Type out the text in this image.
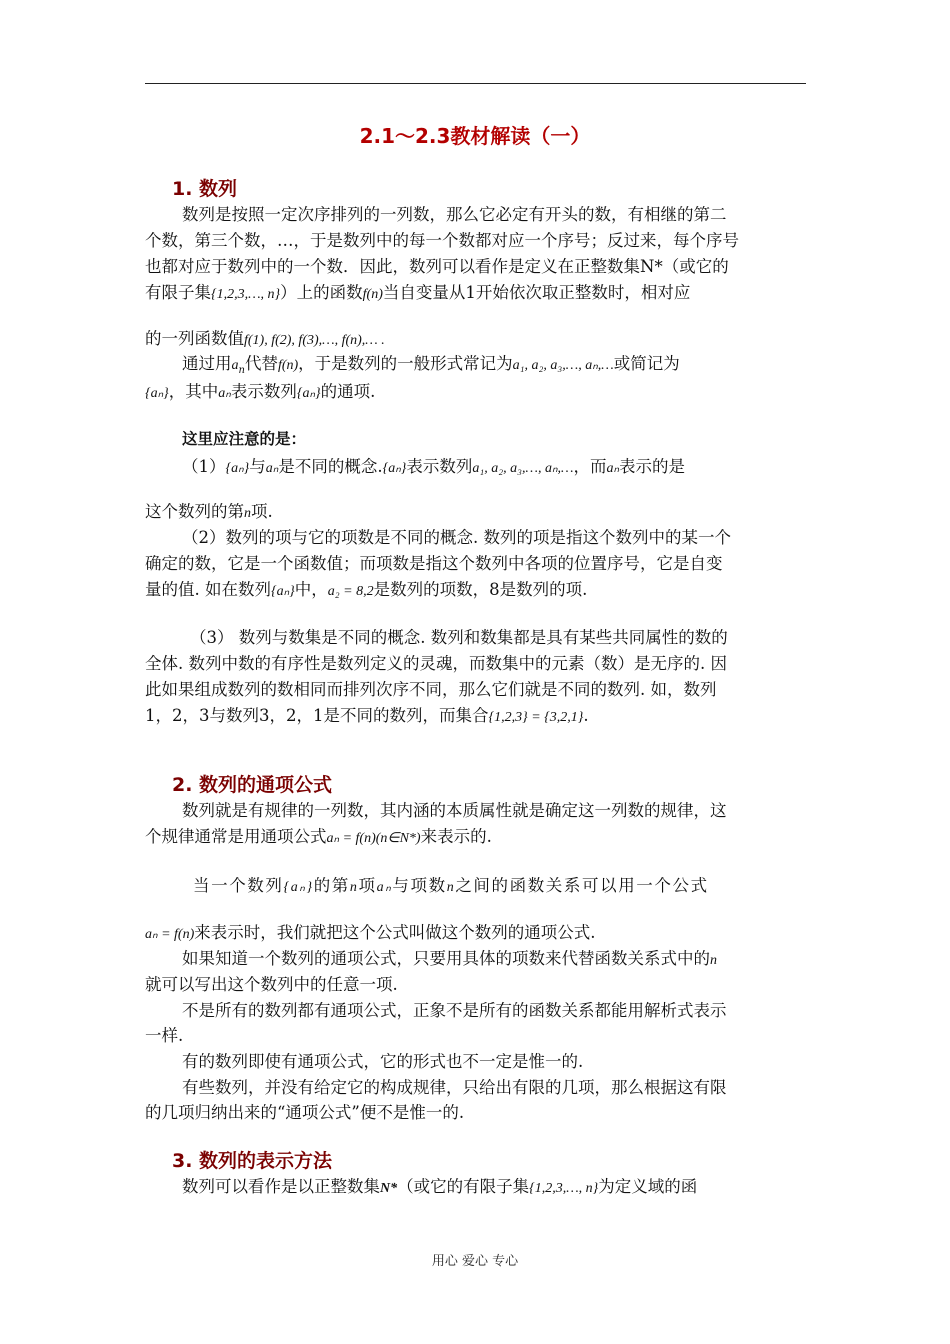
2.1～2.3教材解读（一）
1. 数列
数列是按照一定次序排列的一列数，那么它必定有开头的数，有相继的第二
个数，第三个数，…，于是数列中的每一个数都对应一个序号；反过来，每个序号
也都对应于数列中的一个数．因此，数列可以看作是定义在正整数集N*（或它的
有限子集{1,2,3,…, n}）上的函数f(n)当自变量从1开始依次取正整数时，相对应
的一列函数值f(1), f(2), f(3),…, f(n),… .
通过用$a_n$代替f(n)，于是数列的一般形式常记为a₁, a₂, a₃,…, aₙ,…或简记为
{aₙ}，其中aₙ表示数列{aₙ}的通项.
这里应注意的是：
（1）{aₙ}与aₙ是不同的概念.{aₙ}表示数列a₁, a₂, a₃,…, aₙ,…，而aₙ表示的是
这个数列的第n项.
（2）数列的项与它的项数是不同的概念. 数列的项是指这个数列中的某一个
确定的数，它是一个函数值；而项数是指这个数列中各项的位置序号，它是自变
量的值. 如在数列{aₙ}中，a₂ = 8,2是数列的项数，8是数列的项.
（3） 数列与数集是不同的概念. 数列和数集都是具有某些共同属性的数的
全体. 数列中数的有序性是数列定义的灵魂，而数集中的元素（数）是无序的. 因
此如果组成数列的数相同而排列次序不同，那么它们就是不同的数列. 如，数列
1，2，3与数列3，2，1是不同的数列，而集合{1,2,3} = {3,2,1}.
2. 数列的通项公式
数列就是有规律的一列数，其内涵的本质属性就是确定这一列数的规律，这
个规律通常是用通项公式aₙ = f(n)(n∈N*)来表示的.
当一个数列{aₙ}的第n项aₙ与项数n之间的函数关系可以用一个公式
aₙ = f(n)来表示时，我们就把这个公式叫做这个数列的通项公式.
如果知道一个数列的通项公式，只要用具体的项数来代替函数关系式中的n
就可以写出这个数列中的任意一项.
不是所有的数列都有通项公式，正象不是所有的函数关系都能用解析式表示
一样.
有的数列即使有通项公式，它的形式也不一定是惟一的.
有些数列，并没有给定它的构成规律，只给出有限的几项，那么根据这有限
的几项归纳出来的“通项公式”便不是惟一的.
3. 数列的表示方法
数列可以看作是以正整数集N*（或它的有限子集{1,2,3,…, n}为定义域的函
用心 爱心 专心
